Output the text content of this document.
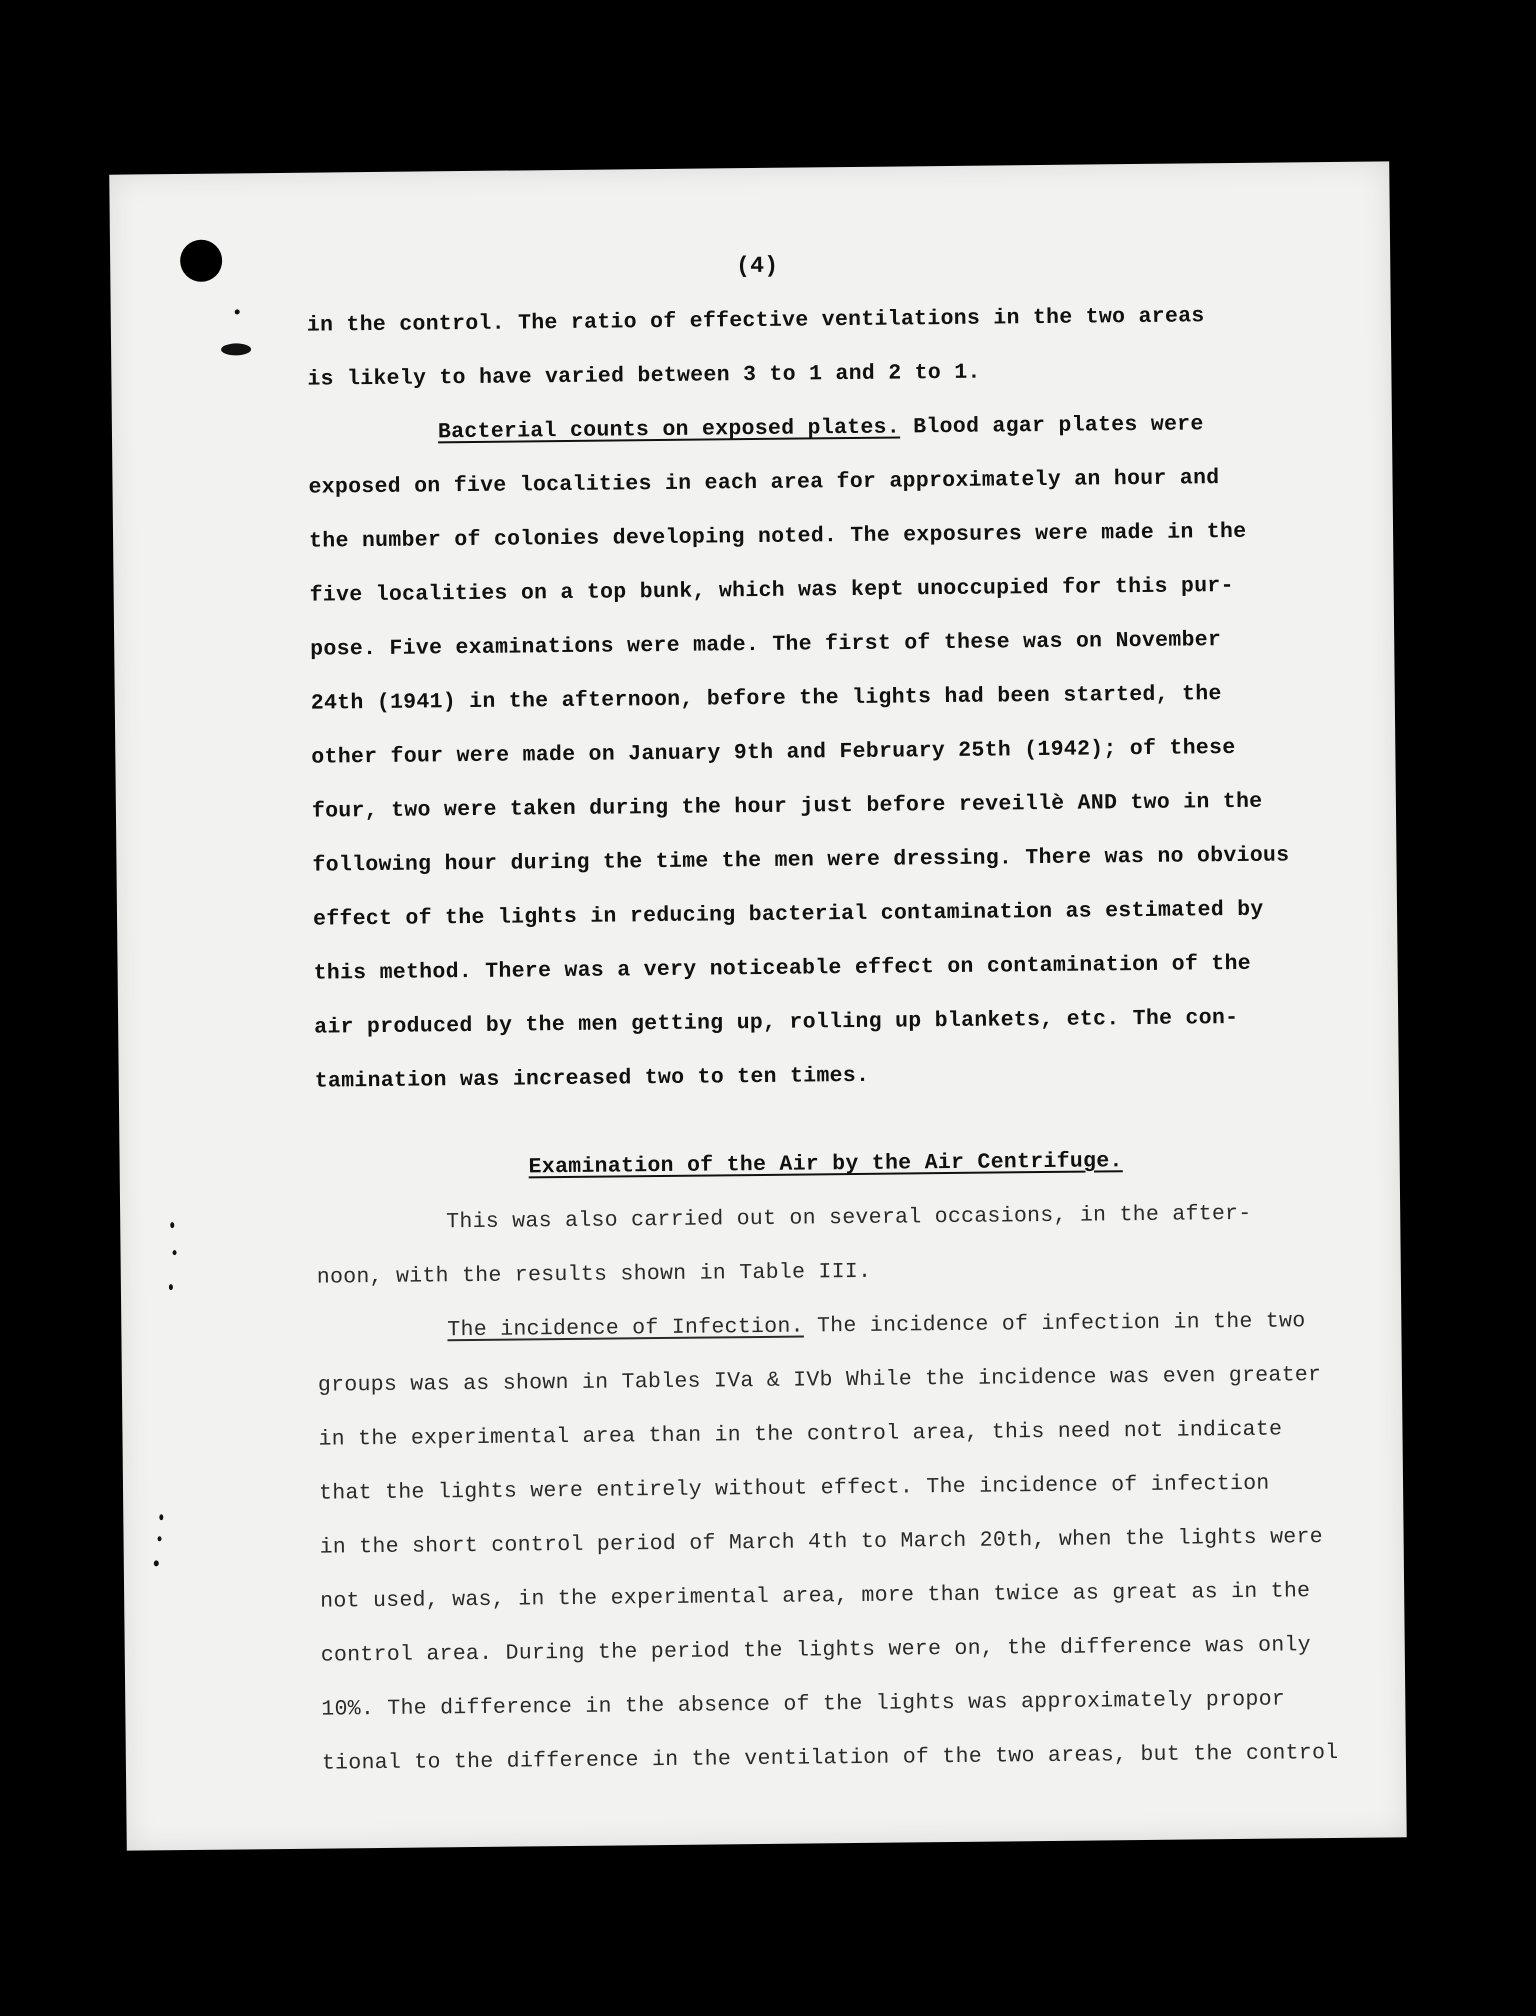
(4)
in the control. The ratio of effective ventilations in the two areas
is likely to have varied between 3 to 1 and 2 to 1.
Bacterial counts on exposed plates. Blood agar plates were
exposed on five localities in each area for approximately an hour and
the number of colonies developing noted. The exposures were made in the
five localities on a top bunk, which was kept unoccupied for this pur-
pose. Five examinations were made. The first of these was on November
24th (1941) in the afternoon, before the lights had been started, the
other four were made on January 9th and February 25th (1942); of these
four, two were taken during the hour just before reveillè AND two in the
following hour during the time the men were dressing. There was no obvious
effect of the lights in reducing bacterial contamination as estimated by
this method. There was a very noticeable effect on contamination of the
air produced by the men getting up, rolling up blankets, etc. The con-
tamination was increased two to ten times.
Examination of the Air by the Air Centrifuge.
This was also carried out on several occasions, in the after-
noon, with the results shown in Table III.
The incidence of Infection. The incidence of infection in the two
groups was as shown in Tables IVa & IVb While the incidence was even greater
in the experimental area than in the control area, this need not indicate
that the lights were entirely without effect. The incidence of infection
in the short control period of March 4th to March 20th, when the lights were
not used, was, in the experimental area, more than twice as great as in the
control area. During the period the lights were on, the difference was only
10%. The difference in the absence of the lights was approximately propor
tional to the difference in the ventilation of the two areas, but the control
